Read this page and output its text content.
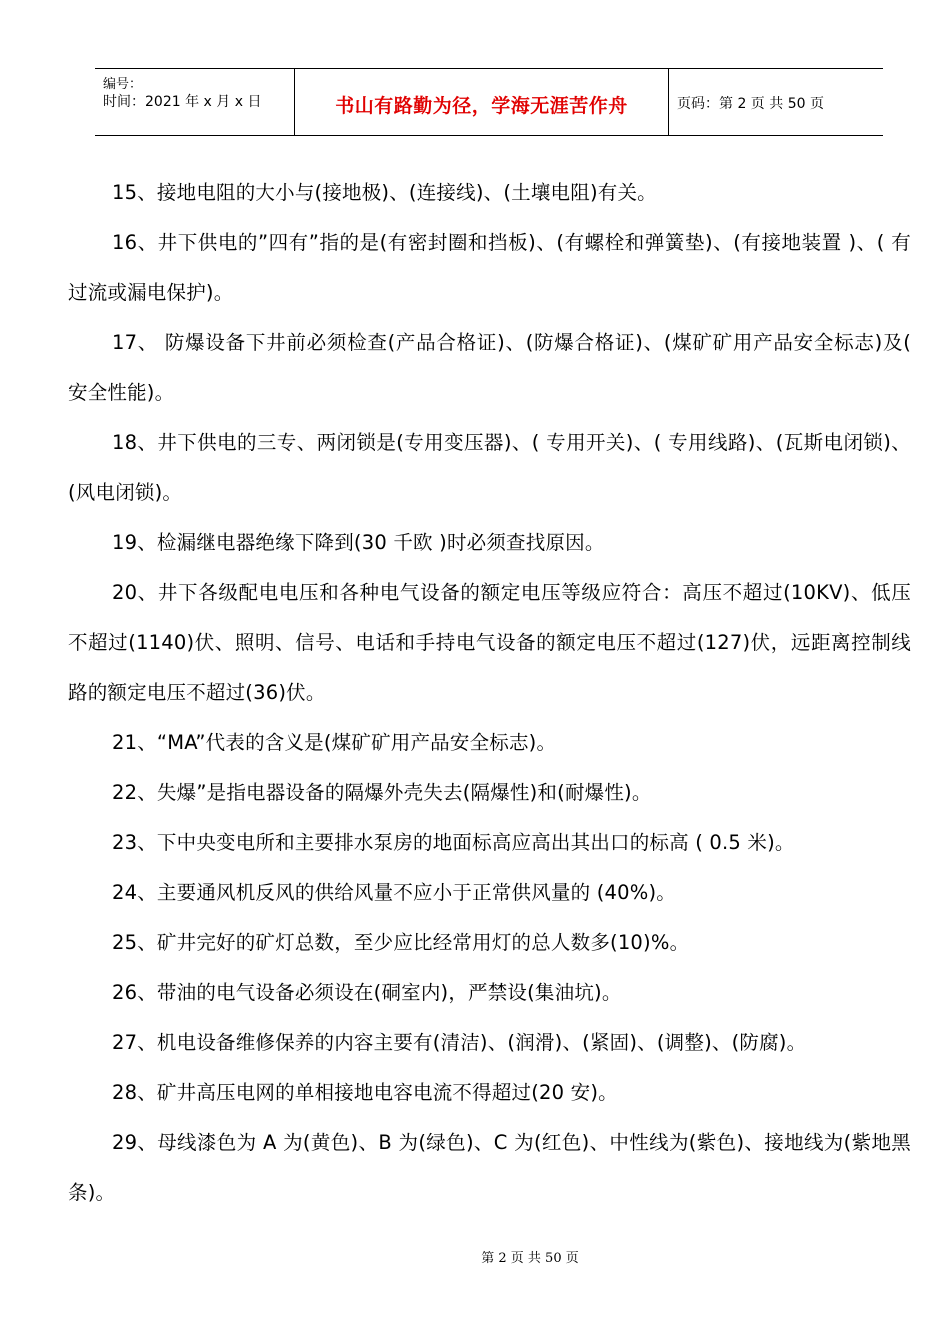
编号：
时间：2021 年 x 月 x 日	书山有路勤为径，学海无涯苦作舟	页码：第 2 页 共 50 页

15、接地电阻的大小与(接地极)、(连接线)、(土壤电阻)有关。

16、井下供电的”四有”指的是(有密封圈和挡板)、(有螺栓和弹簧垫)、(有接地装置 )、( 有过流或漏电保护)。

17、 防爆设备下井前必须检查(产品合格证)、(防爆合格证)、(煤矿矿用产品安全标志)及( 安全性能)。

18、井下供电的三专、两闭锁是(专用变压器)、( 专用开关)、( 专用线路)、(瓦斯电闭锁)、(风电闭锁)。

19、检漏继电器绝缘下降到(30 千欧 )时必须查找原因。

20、井下各级配电电压和各种电气设备的额定电压等级应符合：高压不超过(10KV)、低压不超过(1140)伏、照明、信号、电话和手持电气设备的额定电压不超过(127)伏，远距离控制线路的额定电压不超过(36)伏。

21、“MA”代表的含义是(煤矿矿用产品安全标志)。

22、失爆”是指电器设备的隔爆外壳失去(隔爆性)和(耐爆性)。

23、下中央变电所和主要排水泵房的地面标高应高出其出口的标高 ( 0.5 米)。

24、主要通风机反风的供给风量不应小于正常供风量的 (40%)。

25、矿井完好的矿灯总数，至少应比经常用灯的总人数多(10)%。

26、带油的电气设备必须设在(硐室内)，严禁设(集油坑)。

27、机电设备维修保养的内容主要有(清洁)、(润滑)、(紧固)、(调整)、(防腐)。

28、矿井高压电网的单相接地电容电流不得超过(20 安)。

29、母线漆色为 A 为(黄色)、B 为(绿色)、C 为(红色)、中性线为(紫色)、接地线为(紫地黑条)。

第 2 页 共 50 页
